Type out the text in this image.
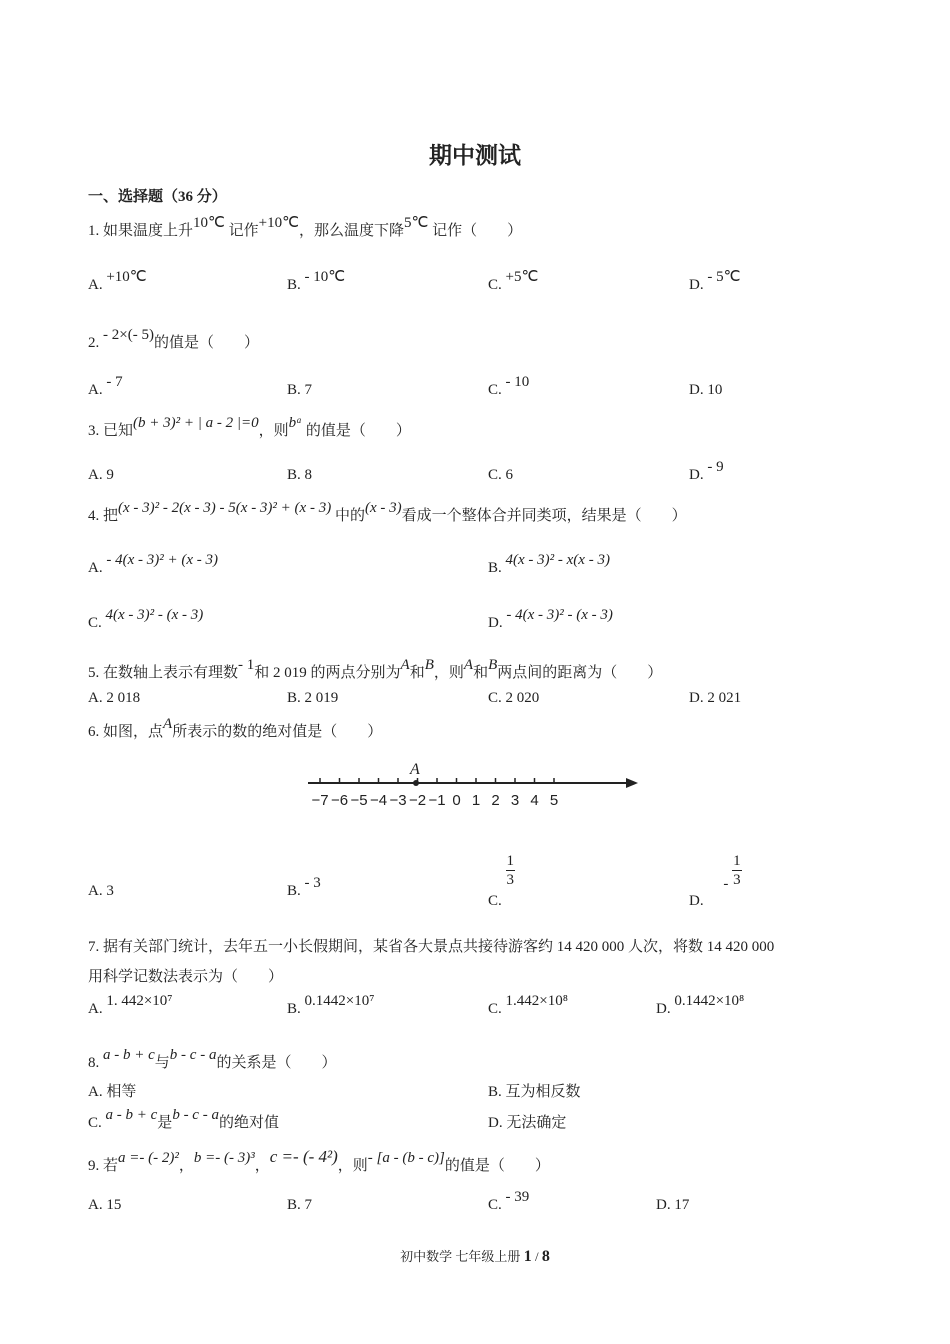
期中测试
一、选择题（36 分）
1. 如果温度上升10℃ 记作+10℃，那么温度下降5℃ 记作（　　）
A. +10℃	B. - 10℃	C. +5℃	D. - 5℃
2. - 2×(- 5)的值是（　　）
A. - 7	B. 7	C. - 10	D. 10
3. 已知(b + 3)² + | a - 2 |=0，则bᵃ 的值是（　　）
A. 9	B. 8	C. 6	D. - 9
4. 把(x - 3)² - 2(x - 3) - 5(x - 3)² + (x - 3) 中的(x - 3)看成一个整体合并同类项，结果是（　　）
A. - 4(x - 3)² + (x - 3)	B. 4(x - 3)² - x(x - 3)
C. 4(x - 3)² - (x - 3)	D. - 4(x - 3)² - (x - 3)
5. 在数轴上表示有理数- 1和 2 019 的两点分别为A和B，则A和B两点间的距离为（　　）
A. 2 018	B. 2 019	C. 2 020	D. 2 021
6. 如图，点A所表示的数的绝对值是（　　）
−7 −6 −5 −4 −3 −2 −1 0 1 2 3 4 5
A
A. 3	B. - 3
C.
$\frac{1}{3}$
D. - $\frac{1}{3}$
7. 据有关部门统计，去年五一小长假期间，某省各大景点共接待游客约 14 420 000 人次，将数 14 420 000
用科学记数法表示为（　　）
A. 1. 442×10⁷	B. 0.1442×10⁷	C. 1.442×10⁸	D. 0.1442×10⁸
8. a - b + c与b - c - a的关系是（　　）
A. 相等	B. 互为相反数
C. a - b + c是b - c - a的绝对值	D. 无法确定
9. 若a =- (- 2)²，b =- (- 3)³，c =- (- 4²)，则- [a - (b - c)]的值是（　　）
A. 15	B. 7	C. - 39	D. 17
初中数学 七年级上册 1 / 8
